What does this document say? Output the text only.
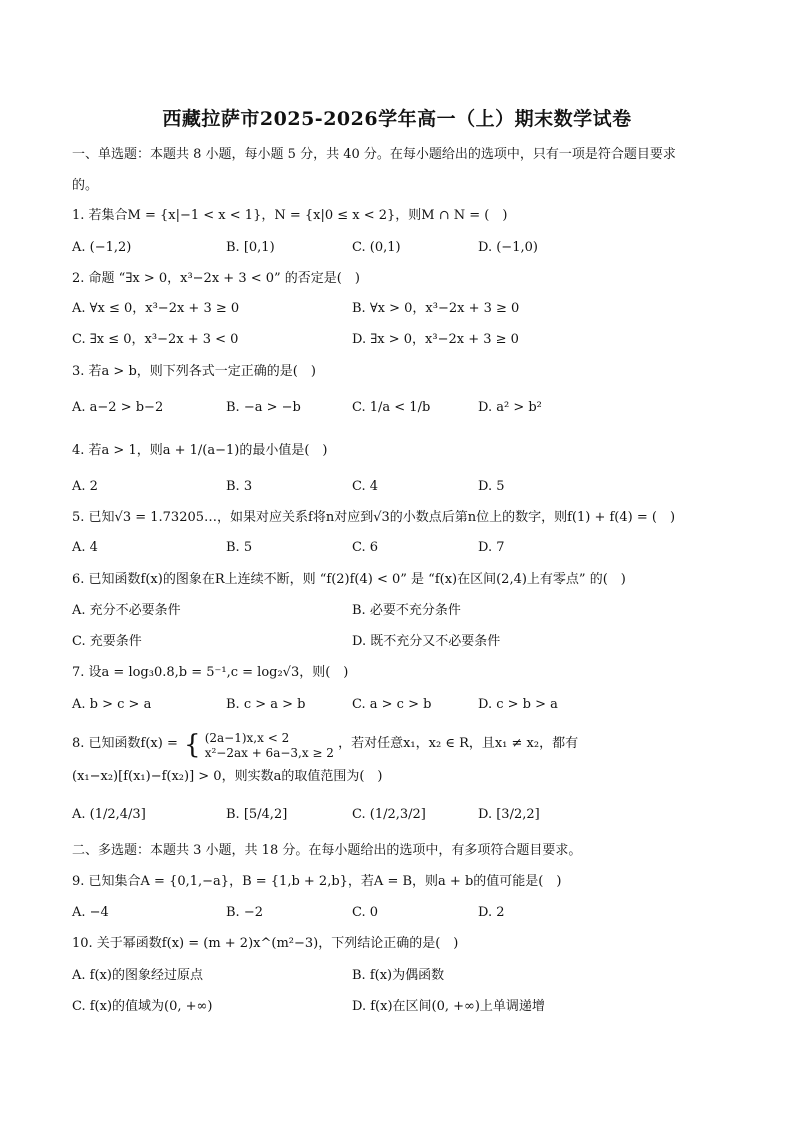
西藏拉萨市2025-2026学年高一（上）期末数学试卷
一、单选题：本题共 8 小题，每小题 5 分，共 40 分。在每小题给出的选项中，只有一项是符合题目要求
的。
1. 若集合M = {x|−1 < x < 1}，N = {x|0 ≤ x < 2}，则M ∩ N = (　)
A. (−1,2)	B. [0,1)	C. (0,1)	D. (−1,0)
2. 命题 “∃x > 0，x³−2x + 3 < 0” 的否定是(　)
A. ∀x ≤ 0，x³−2x + 3 ≥ 0	B. ∀x > 0，x³−2x + 3 ≥ 0
C. ∃x ≤ 0，x³−2x + 3 < 0	D. ∃x > 0，x³−2x + 3 ≥ 0
3. 若a > b，则下列各式一定正确的是(　)
A. a−2 > b−2	B. −a > −b	C. 1/a < 1/b	D. a² > b²
4. 若a > 1，则a + 1/(a−1)的最小值是(　)
A. 2	B. 3	C. 4	D. 5
5. 已知√3 = 1.73205…，如果对应关系f将n对应到√3的小数点后第n位上的数字，则f(1) + f(4) = (　)
A. 4	B. 5	C. 6	D. 7
6. 已知函数f(x)的图象在R上连续不断，则 “f(2)f(4) < 0” 是 “f(x)在区间(2,4)上有零点” 的(　)
A. 充分不必要条件	B. 必要不充分条件
C. 充要条件	D. 既不充分又不必要条件
7. 设a = log₃0.8,b = 5⁻¹,c = log₂√3，则(　)
A. b > c > a	B. c > a > b	C. a > c > b	D. c > b > a
8. 已知函数f(x) = { (2a−1)x,x < 2
x²−2ax + 6a−3,x ≥ 2
，若对任意x₁，x₂ ∈ R，且x₁ ≠ x₂，都有
(x₁−x₂)[f(x₁)−f(x₂)] > 0，则实数a的取值范围为(　)
A. (1/2,4/3]	B. [5/4,2]	C. (1/2,3/2]	D. [3/2,2]
二、多选题：本题共 3 小题，共 18 分。在每小题给出的选项中，有多项符合题目要求。
9. 已知集合A = {0,1,−a}，B = {1,b + 2,b}，若A = B，则a + b的值可能是(　)
A. −4	B. −2	C. 0	D. 2
10. 关于幂函数f(x) = (m + 2)x^(m²−3)，下列结论正确的是(　)
A. f(x)的图象经过原点	B. f(x)为偶函数
C. f(x)的值域为(0, +∞)	D. f(x)在区间(0, +∞)上单调递增
